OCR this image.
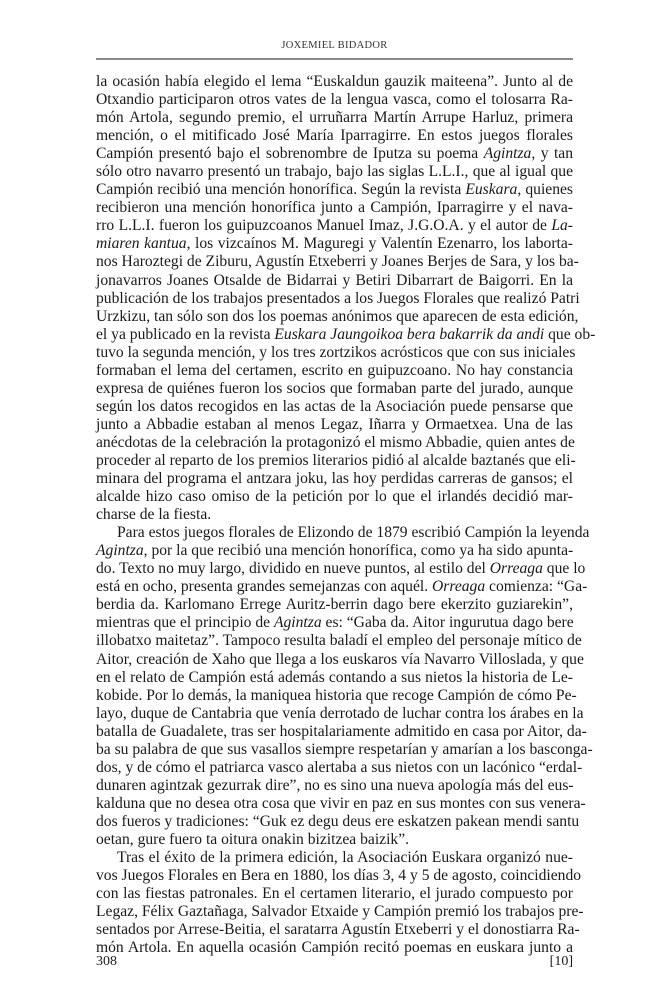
JOXEMIEL BIDADOR

la ocasión había elegido el lema “Euskaldun gauzik maiteena”. Junto al de
Otxandio participaron otros vates de la lengua vasca, como el tolosarra Ra-
món Artola, segundo premio, el urruñarra Martín Arrupe Harluz, primera
mención, o el mitificado José María Iparragirre. En estos juegos florales
Campión presentó bajo el sobrenombre de Iputza su poema Agintza, y tan
sólo otro navarro presentó un trabajo, bajo las siglas L.L.I., que al igual que
Campión recibió una mención honorífica. Según la revista Euskara, quienes
recibieron una mención honorífica junto a Campión, Iparragirre y el nava-
rro L.L.I. fueron los guipuzcoanos Manuel Imaz, J.G.O.A. y el autor de La-
miaren kantua, los vizcaínos M. Maguregi y Valentín Ezenarro, los laborta-
nos Haroztegi de Ziburu, Agustín Etxeberri y Joanes Berjes de Sara, y los ba-
jonavarros Joanes Otsalde de Bidarrai y Betiri Dibarrart de Baigorri. En la
publicación de los trabajos presentados a los Juegos Florales que realizó Patri
Urzkizu, tan sólo son dos los poemas anónimos que aparecen de esta edición,
el ya publicado en la revista Euskara Jaungoikoa bera bakarrik da andi que ob-
tuvo la segunda mención, y los tres zortzikos acrósticos que con sus iniciales
formaban el lema del certamen, escrito en guipuzcoano. No hay constancia
expresa de quiénes fueron los socios que formaban parte del jurado, aunque
según los datos recogidos en las actas de la Asociación puede pensarse que
junto a Abbadie estaban al menos Legaz, Iñarra y Ormaetxea. Una de las
anécdotas de la celebración la protagonizó el mismo Abbadie, quien antes de
proceder al reparto de los premios literarios pidió al alcalde baztanés que eli-
minara del programa el antzara joku, las hoy perdidas carreras de gansos; el
alcalde hizo caso omiso de la petición por lo que el irlandés decidió mar-
charse de la fiesta.

Para estos juegos florales de Elizondo de 1879 escribió Campión la leyenda
Agintza, por la que recibió una mención honorífica, como ya ha sido apunta-
do. Texto no muy largo, dividido en nueve puntos, al estilo del Orreaga que lo
está en ocho, presenta grandes semejanzas con aquél. Orreaga comienza: “Ga-
berdia da. Karlomano Errege Auritz-berrin dago bere ekerzito guziarekin”,
mientras que el principio de Agintza es: “Gaba da. Aitor ingurutua dago bere
illobatxo maitetaz”. Tampoco resulta baladí el empleo del personaje mítico de
Aitor, creación de Xaho que llega a los euskaros vía Navarro Villoslada, y que
en el relato de Campión está además contando a sus nietos la historia de Le-
kobide. Por lo demás, la maniquea historia que recoge Campión de cómo Pe-
layo, duque de Cantabria que venía derrotado de luchar contra los árabes en la
batalla de Guadalete, tras ser hospitalariamente admitido en casa por Aitor, da-
ba su palabra de que sus vasallos siempre respetarían y amarían a los basconga-
dos, y de cómo el patriarca vasco alertaba a sus nietos con un lacónico “erdal-
dunaren agintzak gezurrak dire”, no es sino una nueva apología más del eus-
kalduna que no desea otra cosa que vivir en paz en sus montes con sus venera-
dos fueros y tradiciones: “Guk ez degu deus ere eskatzen pakean mendi santu
oetan, gure fuero ta oitura onakin bizitzea baizik”.

Tras el éxito de la primera edición, la Asociación Euskara organizó nue-
vos Juegos Florales en Bera en 1880, los días 3, 4 y 5 de agosto, coincidiendo
con las fiestas patronales. En el certamen literario, el jurado compuesto por
Legaz, Félix Gaztañaga, Salvador Etxaide y Campión premió los trabajos pre-
sentados por Arrese-Beitia, el saratarra Agustín Etxeberri y el donostiarra Ra-
món Artola. En aquella ocasión Campión recitó poemas en euskara junto a

308	[10]
